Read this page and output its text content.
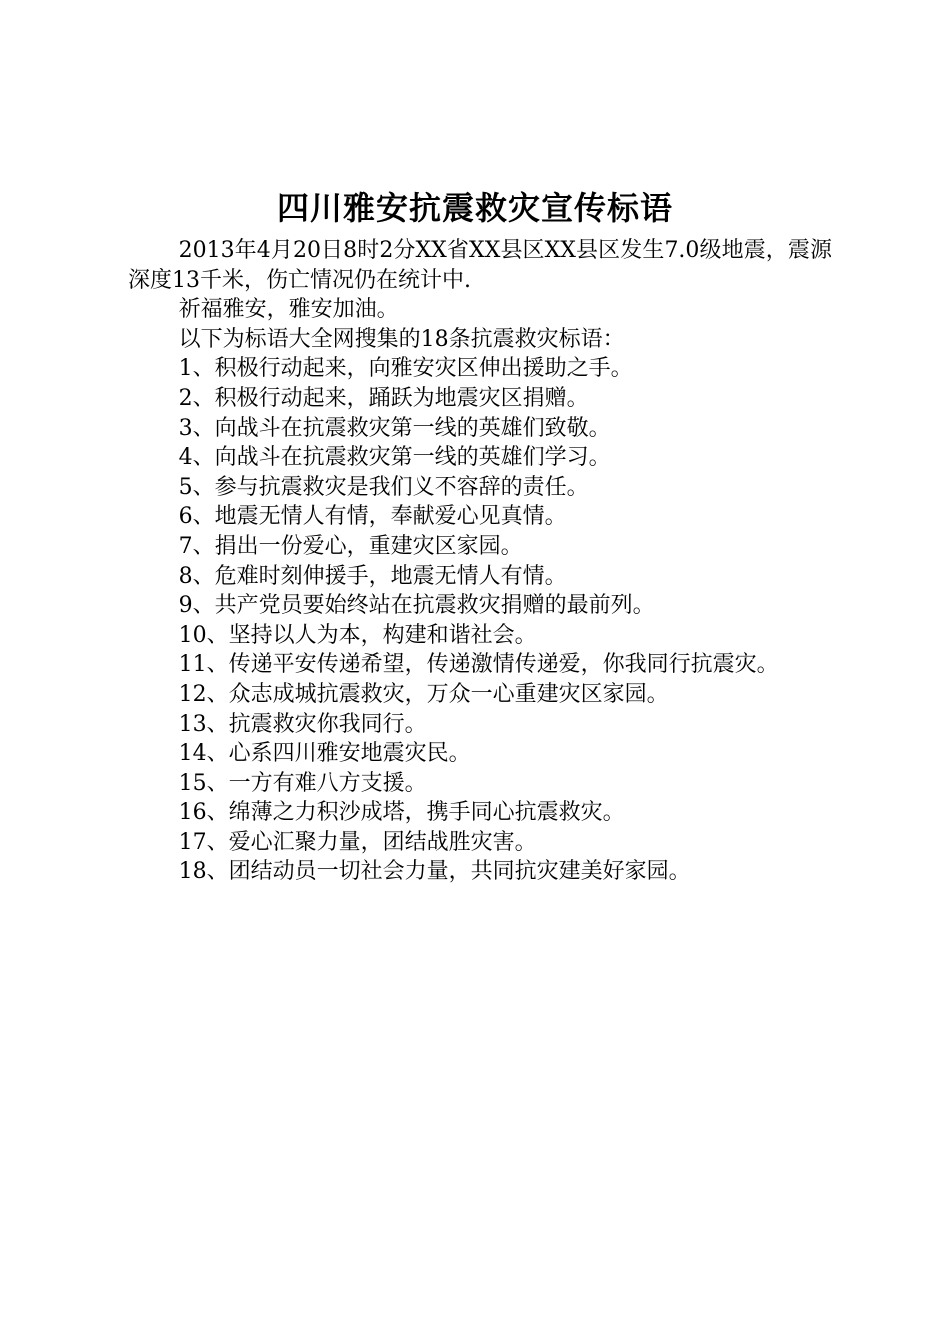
四川雅安抗震救灾宣传标语

2013年4月20日8时2分XX省XX县区XX县区发生7.0级地震，震源深度13千米，伤亡情况仍在统计中.

祈福雅安，雅安加油。

以下为标语大全网搜集的18条抗震救灾标语：

1、积极行动起来，向雅安灾区伸出援助之手。

2、积极行动起来，踊跃为地震灾区捐赠。

3、向战斗在抗震救灾第一线的英雄们致敬。

4、向战斗在抗震救灾第一线的英雄们学习。

5、参与抗震救灾是我们义不容辞的责任。

6、地震无情人有情，奉献爱心见真情。

7、捐出一份爱心，重建灾区家园。

8、危难时刻伸援手，地震无情人有情。

9、共产党员要始终站在抗震救灾捐赠的最前列。

10、坚持以人为本，构建和谐社会。

11、传递平安传递希望，传递激情传递爱，你我同行抗震灾。

12、众志成城抗震救灾，万众一心重建灾区家园。

13、抗震救灾你我同行。

14、心系四川雅安地震灾民。

15、一方有难八方支援。

16、绵薄之力积沙成塔，携手同心抗震救灾。

17、爱心汇聚力量，团结战胜灾害。

18、团结动员一切社会力量，共同抗灾建美好家园。
